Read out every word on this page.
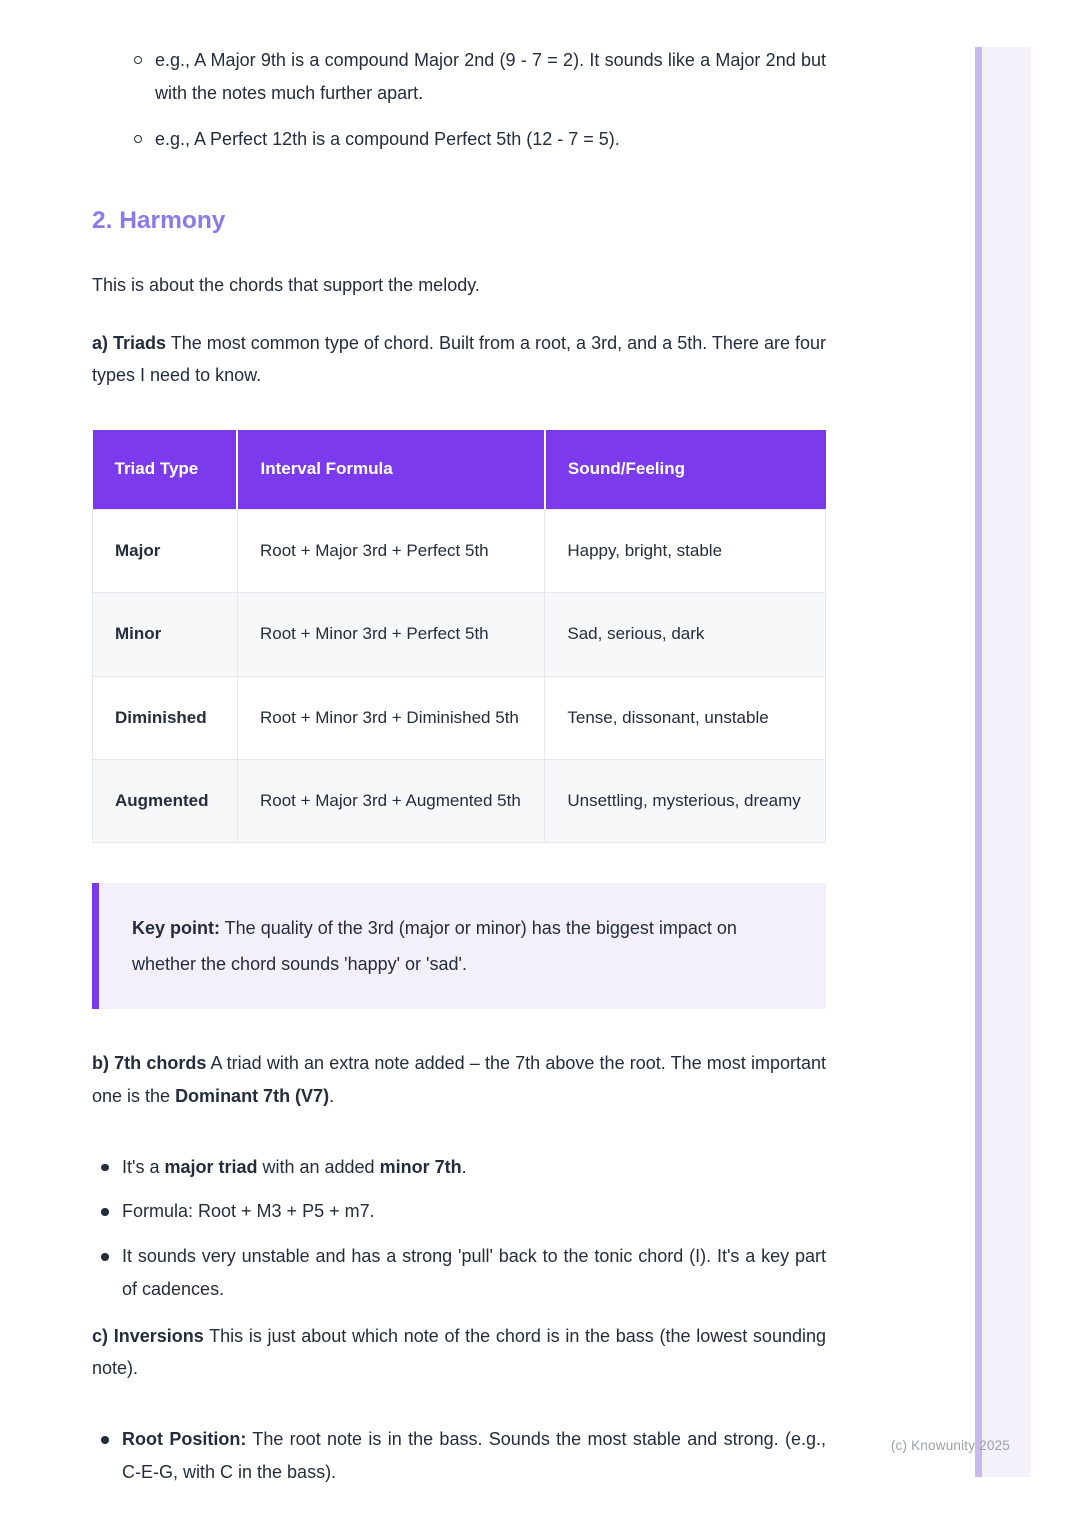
e.g., A Major 9th is a compound Major 2nd (9 - 7 = 2). It sounds like a Major 2nd but with the notes much further apart.
e.g., A Perfect 12th is a compound Perfect 5th (12 - 7 = 5).
2. Harmony

This is about the chords that support the melody.

a) Triads The most common type of chord. Built from a root, a 3rd, and a 5th. There are four types I need to know.

Triad Type	Interval Formula	Sound/Feeling
Major	Root + Major 3rd + Perfect 5th	Happy, bright, stable
Minor	Root + Minor 3rd + Perfect 5th	Sad, serious, dark
Diminished	Root + Minor 3rd + Diminished 5th	Tense, dissonant, unstable
Augmented	Root + Major 3rd + Augmented 5th	Unsettling, mysterious, dreamy
Key point: The quality of the 3rd (major or minor) has the biggest impact on whether the chord sounds 'happy' or 'sad'.

b) 7th chords A triad with an extra note added – the 7th above the root. The most important one is the Dominant 7th (V7).

It's a major triad with an added minor 7th.
Formula: Root + M3 + P5 + m7.
It sounds very unstable and has a strong 'pull' back to the tonic chord (I). It's a key part of cadences.

c) Inversions This is just about which note of the chord is in the bass (the lowest sounding note).

Root Position: The root note is in the bass. Sounds the most stable and strong. (e.g., C-E-G, with C in the bass).
(c) Knowunity 2025
